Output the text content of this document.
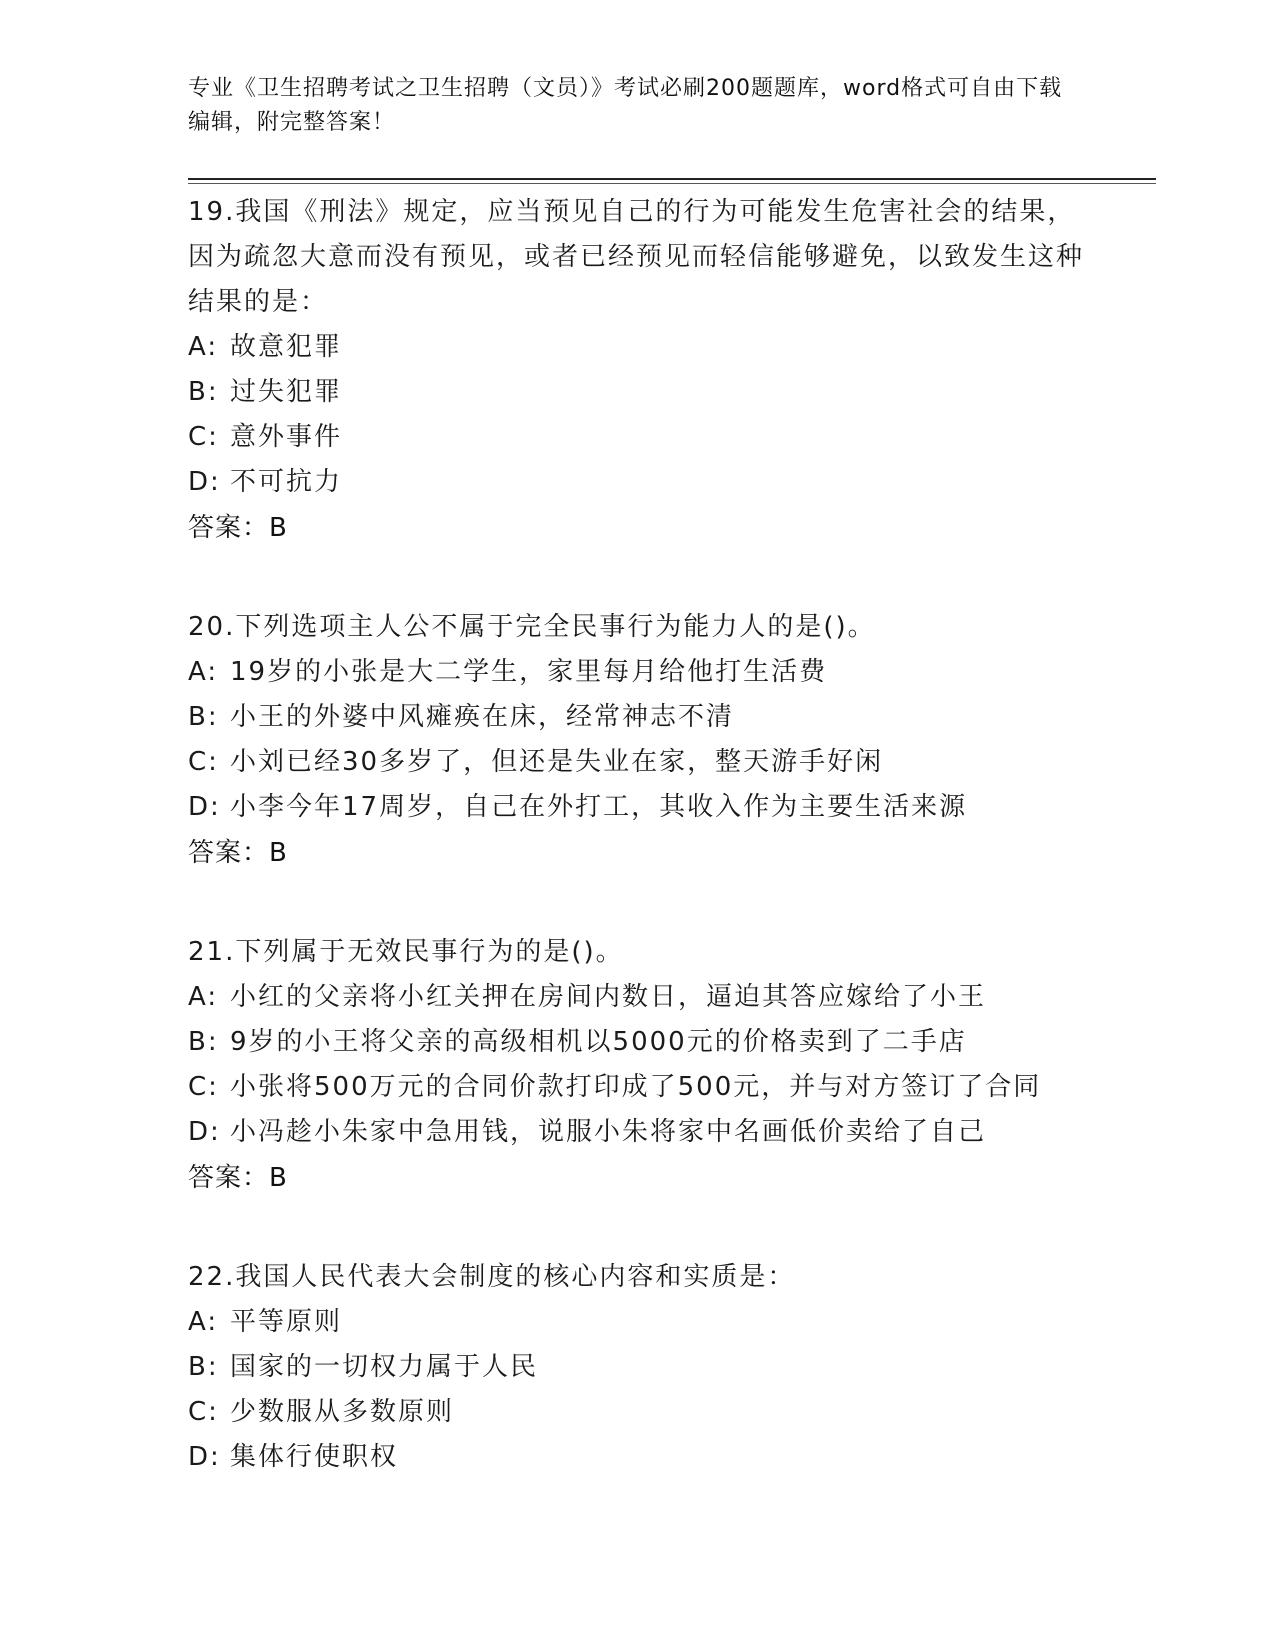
专业《卫生招聘考试之卫生招聘（文员）》考试必刷200题题库，word格式可自由下载编辑，附完整答案！

19.我国《刑法》规定，应当预见自己的行为可能发生危害社会的结果，因为疏忽大意而没有预见，或者已经预见而轻信能够避免，以致发生这种结果的是：

A: 故意犯罪

B: 过失犯罪

C: 意外事件

D: 不可抗力

答案：B

20.下列选项主人公不属于完全民事行为能力人的是()。

A: 19岁的小张是大二学生，家里每月给他打生活费

B: 小王的外婆中风瘫痪在床，经常神志不清

C: 小刘已经30多岁了，但还是失业在家，整天游手好闲

D: 小李今年17周岁，自己在外打工，其收入作为主要生活来源

答案：B

21.下列属于无效民事行为的是()。

A: 小红的父亲将小红关押在房间内数日，逼迫其答应嫁给了小王

B: 9岁的小王将父亲的高级相机以5000元的价格卖到了二手店

C: 小张将500万元的合同价款打印成了500元，并与对方签订了合同

D: 小冯趁小朱家中急用钱，说服小朱将家中名画低价卖给了自己

答案：B

22.我国人民代表大会制度的核心内容和实质是：

A: 平等原则

B: 国家的一切权力属于人民

C: 少数服从多数原则

D: 集体行使职权
